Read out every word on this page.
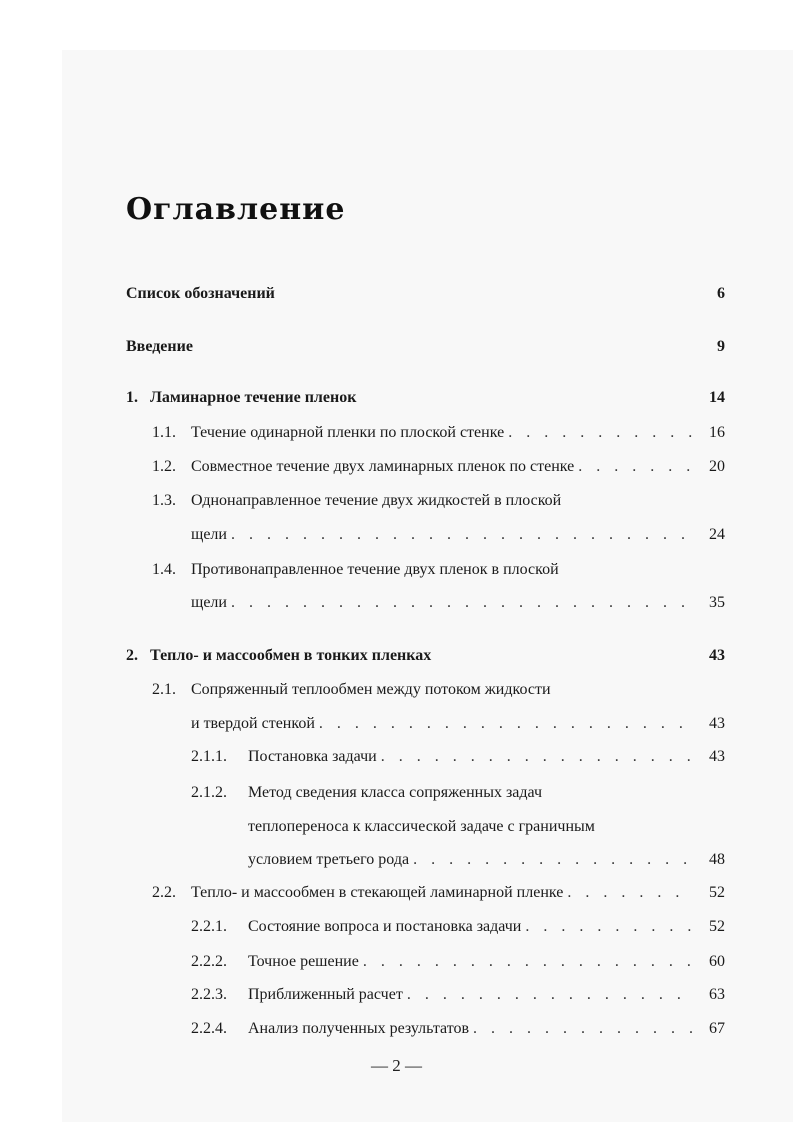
Оглавление
Список обозначений	6
Введение	9
1. Ламинарное течение пленок	14
1.1. Течение одинарной пленки по плоской стенке . . .	16
1.2. Совместное течение двух ламинарных пленок по стенке . . .	20
1.3. Однонаправленное течение двух жидкостей в плоской
щели . . .	24
1.4. Противонаправленное течение двух пленок в плоской
щели . . .	35
2. Тепло- и массообмен в тонких пленках	43
2.1. Сопряженный теплообмен между потоком жидкости
и твердой стенкой . . .	43
2.1.1.	Постановка задачи . . .	43
2.1.2.	Метод сведения класса сопряженных задач
теплопереноса к классической задаче с граничным
условием третьего рода . . .	48
2.2. Тепло- и массообмен в стекающей ламинарной пленке . . .	52
2.2.1.	Состояние вопроса и постановка задачи . . .	52
2.2.2.	Точное решение . . .	60
2.2.3.	Приближенный расчет . . .	63
2.2.4.	Анализ полученных результатов . . .	67
— 2 —
